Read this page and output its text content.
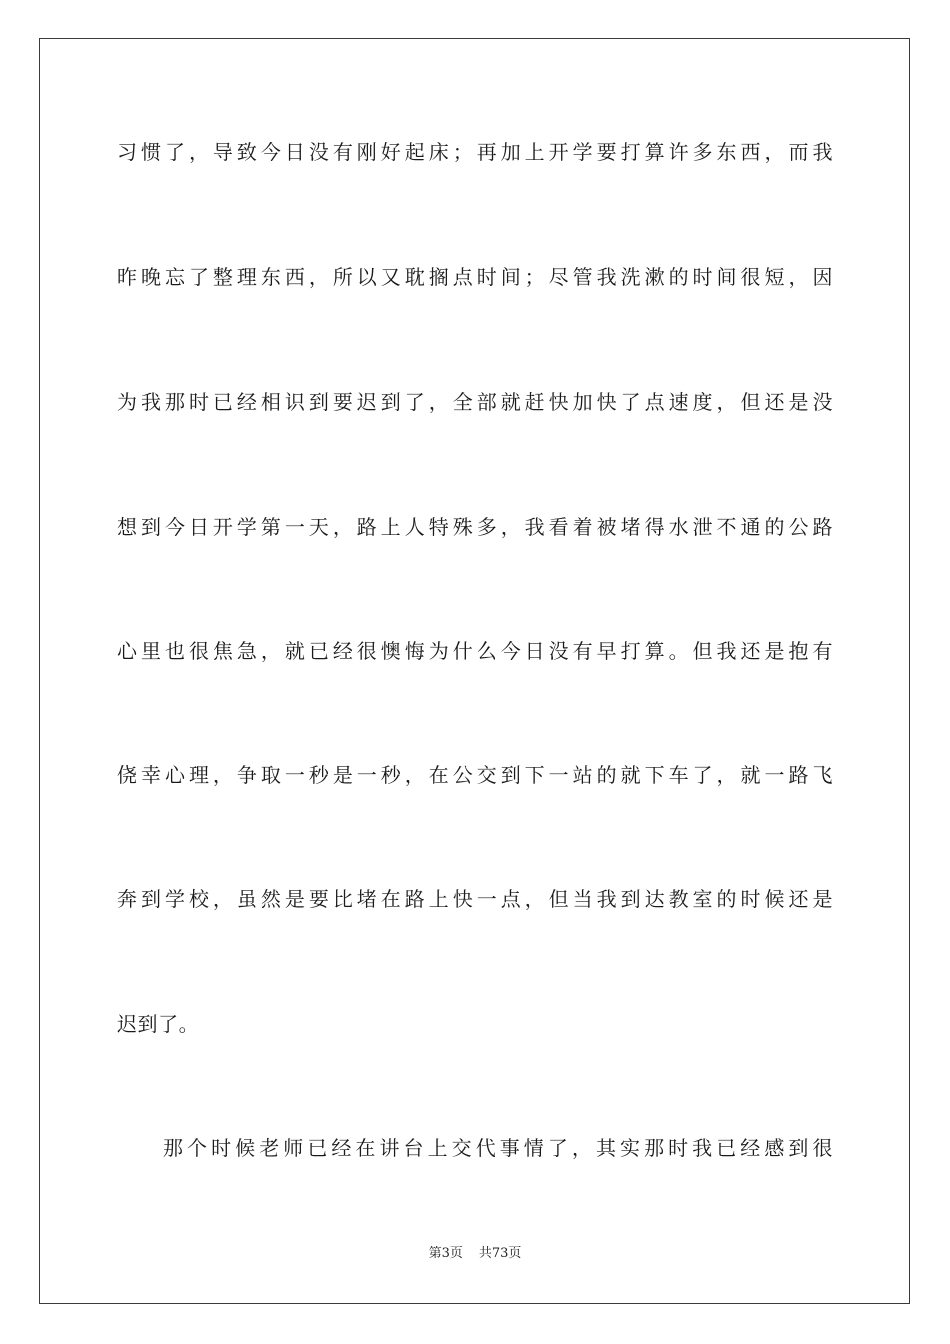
习惯了，导致今日没有刚好起床；再加上开学要打算许多东西，而我
昨晚忘了整理东西，所以又耽搁点时间；尽管我洗漱的时间很短，因
为我那时已经相识到要迟到了，全部就赶快加快了点速度，但还是没
想到今日开学第一天，路上人特殊多，我看着被堵得水泄不通的公路
心里也很焦急，就已经很懊悔为什么今日没有早打算。但我还是抱有
侥幸心理，争取一秒是一秒，在公交到下一站的就下车了，就一路飞
奔到学校，虽然是要比堵在路上快一点，但当我到达教室的时候还是
迟到了。
那个时候老师已经在讲台上交代事情了，其实那时我已经感到很
第3页 共73页
